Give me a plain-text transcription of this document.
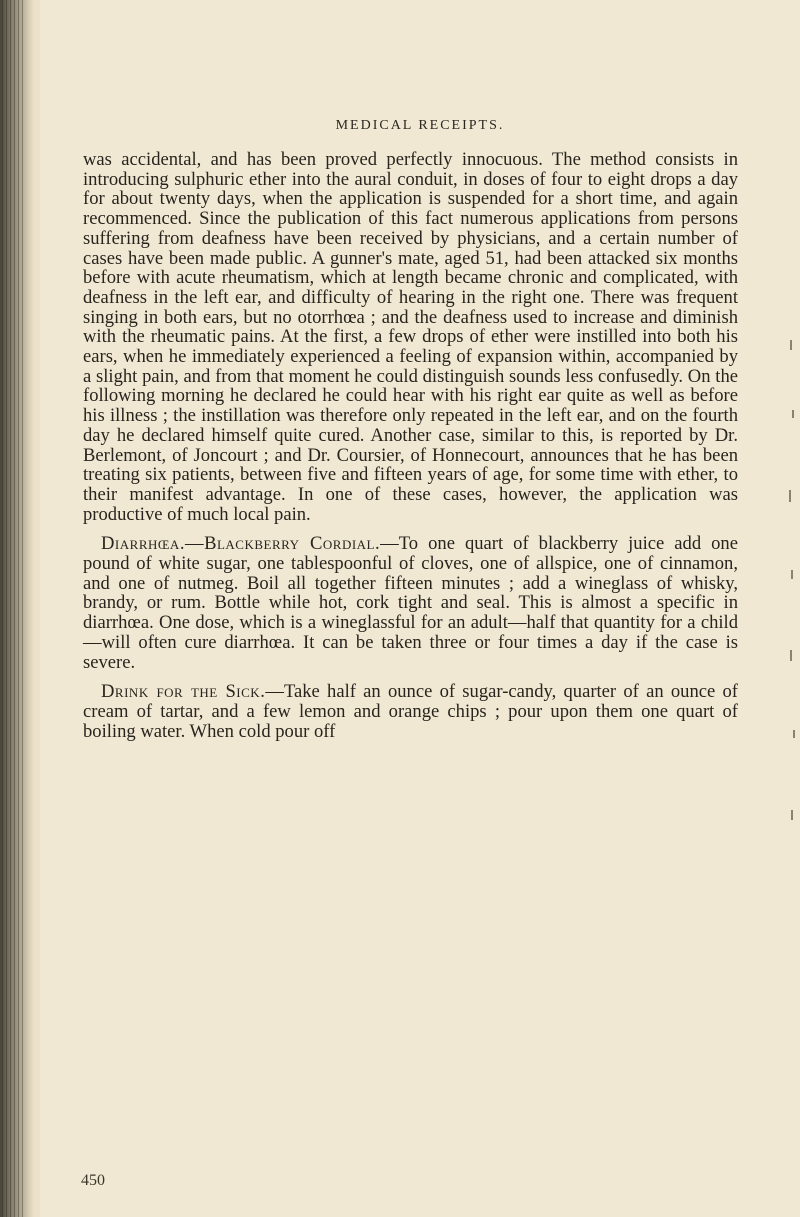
MEDICAL RECEIPTS.

was accidental, and has been proved perfectly innocuous. The method consists in introducing sulphuric ether into the aural conduit, in doses of four to eight drops a day for about twenty days, when the application is suspended for a short time, and again recommenced. Since the publication of this fact numerous applications from persons suffering from deafness have been received by physicians, and a certain number of cases have been made public. A gunner's mate, aged 51, had been attacked six months before with acute rheumatism, which at length became chronic and complicated, with deafness in the left ear, and difficulty of hearing in the right one. There was frequent singing in both ears, but no otorrhœa ; and the deafness used to increase and diminish with the rheumatic pains. At the first, a few drops of ether were instilled into both his ears, when he immediately experienced a feeling of expansion within, accompanied by a slight pain, and from that moment he could distinguish sounds less confusedly. On the following morning he declared he could hear with his right ear quite as well as before his illness ; the instillation was therefore only repeated in the left ear, and on the fourth day he declared himself quite cured. Another case, similar to this, is reported by Dr. Berlemont, of Joncourt ; and Dr. Coursier, of Honnecourt, announces that he has been treating six patients, between five and fifteen years of age, for some time with ether, to their manifest advantage. In one of these cases, however, the application was productive of much local pain.

Diarrhœa.—Blackberry Cordial.—To one quart of blackberry juice add one pound of white sugar, one tablespoonful of cloves, one of allspice, one of cinnamon, and one of nutmeg. Boil all together fifteen minutes ; add a wineglass of whisky, brandy, or rum. Bottle while hot, cork tight and seal. This is almost a specific in diarrhœa. One dose, which is a wineglassful for an adult—half that quantity for a child—will often cure diarrhœa. It can be taken three or four times a day if the case is severe.

Drink for the Sick.—Take half an ounce of sugar-candy, quarter of an ounce of cream of tartar, and a few lemon and orange chips ; pour upon them one quart of boiling water. When cold pour off

450
